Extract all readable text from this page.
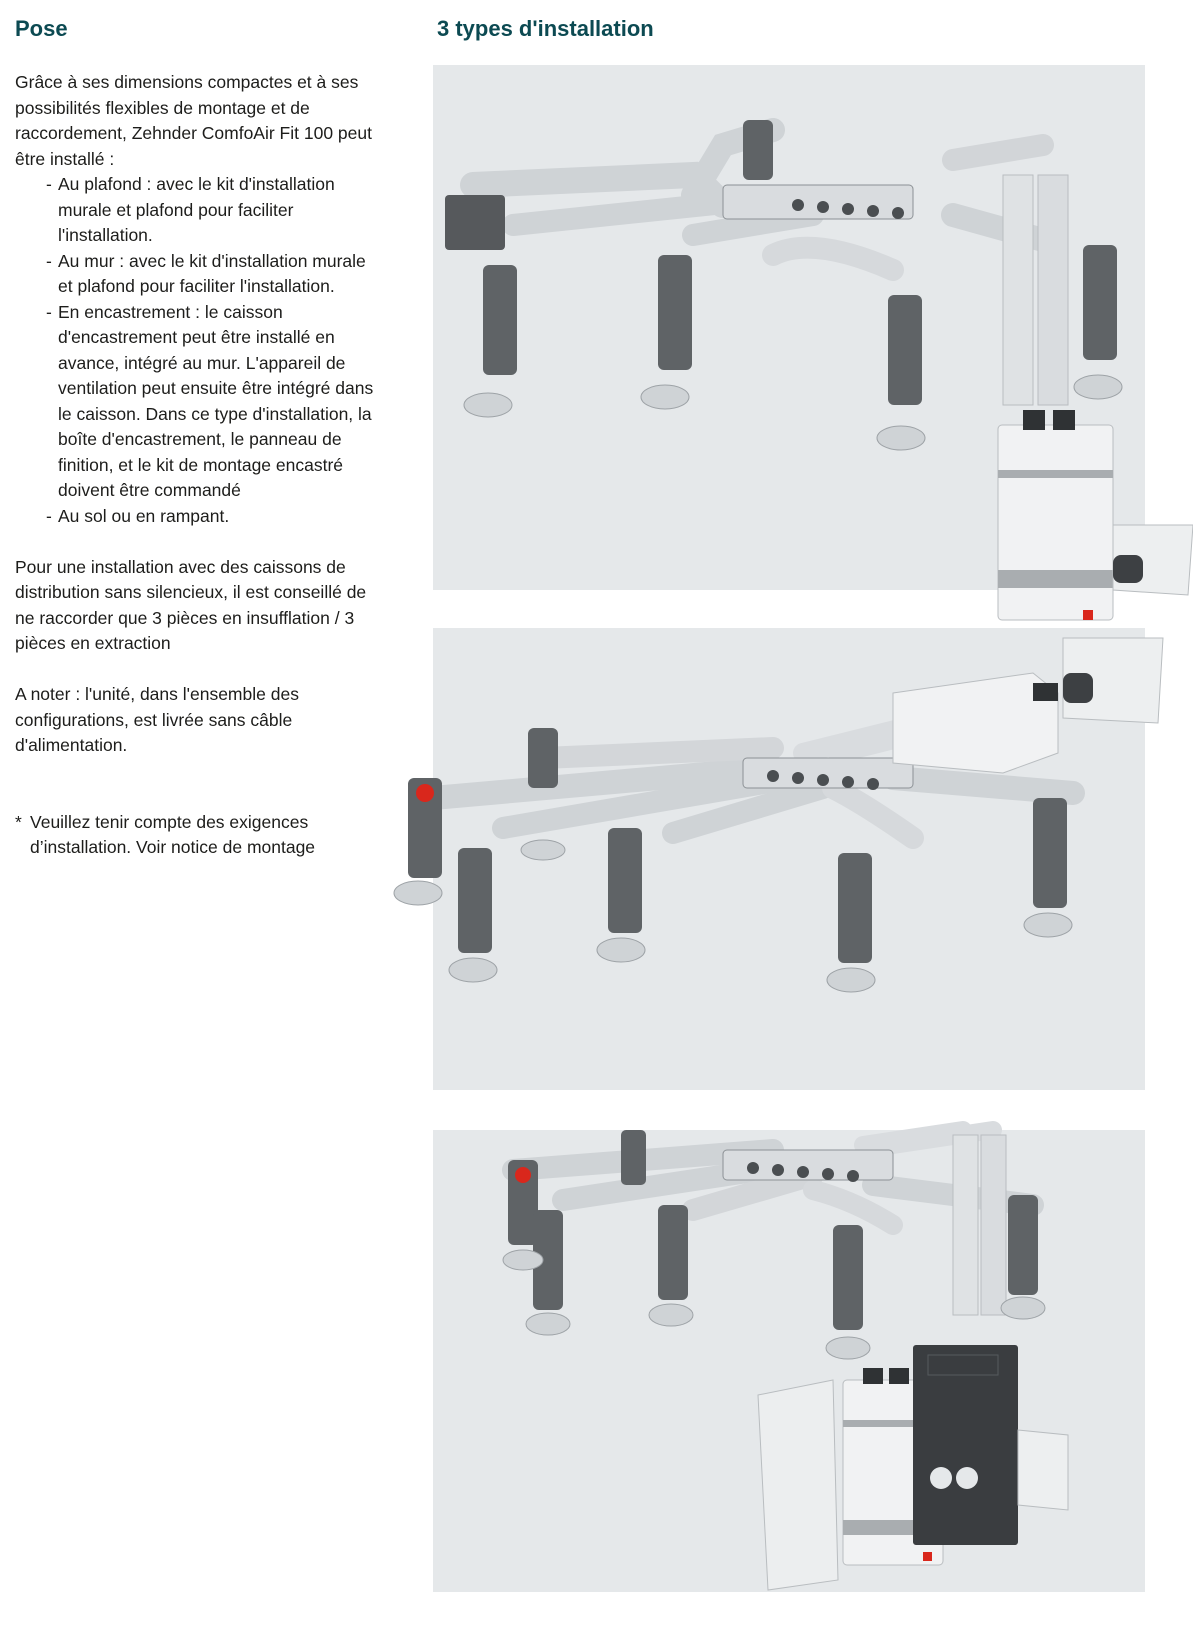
Pose	3 types d'installation

Grâce à ses dimensions compactes et à ses possibilités flexibles de montage et de raccordement, Zehnder ComfoAir Fit 100 peut être installé :

- Au plafond : avec le kit d'installation murale et plafond pour faciliter l'installation.
- Au mur : avec le kit d'installation murale et plafond pour faciliter l'installation.
- En encastrement : le caisson d'encastrement peut être installé en avance, intégré au mur. L'appareil de ventilation peut ensuite être intégré dans le caisson. Dans ce type d'installation, la boîte d'encastrement, le panneau de finition, et le kit de montage encastré doivent être commandé
- Au sol ou en rampant.

Pour une installation avec des caissons de distribution sans silencieux, il est conseillé de ne raccorder que 3 pièces en insufflation / 3 pièces en extraction

A noter : l'unité, dans l'ensemble des configurations, est livrée sans câble d'alimentation.

* Veuillez tenir compte des exigences d’installation. Voir notice de montage
